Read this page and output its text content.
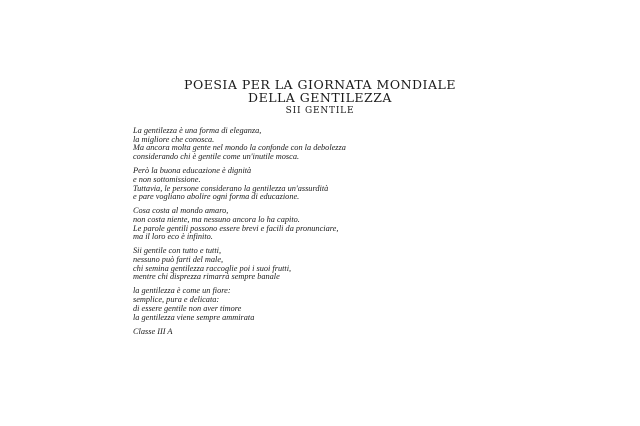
POESIA PER LA GIORNATA MONDIALE
DELLA GENTILEZZA
SII GENTILE
La gentilezza è una forma di eleganza,
la migliore che conosca.
Ma ancora molta gente nel mondo la confonde con la debolezza
considerando chi è gentile come un'inutile mosca.
Però la buona educazione è dignità
e non sottomissione.
Tuttavia, le persone considerano la gentilezza un'assurdità
e pare vogliano abolire ogni forma di educazione.
Cosa costa al mondo amaro,
non costa niente, ma nessuno ancora lo ha capito.
Le parole gentili possono essere brevi e facili da pronunciare,
ma il loro eco è infinito.
Sii gentile con tutto e tutti,
nessuno può farti del male,
chi semina gentilezza raccoglie poi i suoi frutti,
mentre chi disprezza rimarrà sempre banale
la gentilezza è come un fiore:
semplice, pura e delicata:
di essere gentile non aver timore
la gentilezza viene sempre ammirata
Classe III A
